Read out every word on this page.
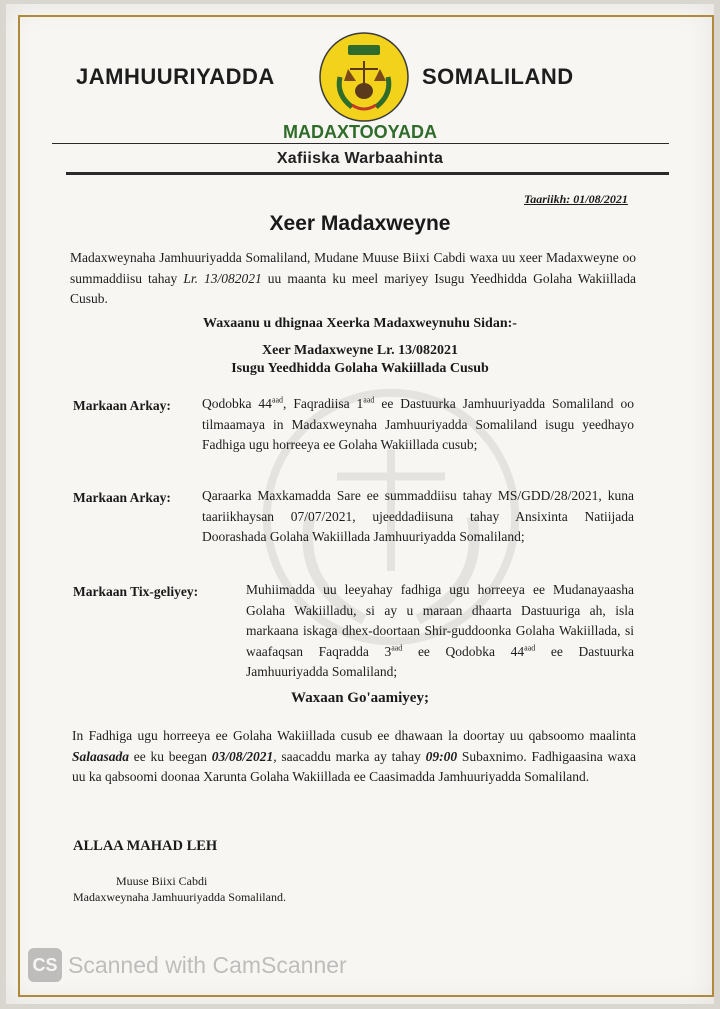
JAMHUURIYADDA	SOMALILAND
MADAXTOOYADA
Xafiiska Warbaahinta
Taariikh: 01/08/2021
Xeer Madaxweyne
Madaxweynaha Jamhuuriyadda Somaliland, Mudane Muuse Biixi Cabdi waxa uu xeer Madaxweyne oo summaddiisu tahay Lr. 13/082021 uu maanta ku meel mariyey Isugu Yeedhidda Golaha Wakiillada Cusub.
Waxaanu u dhignaa Xeerka Madaxweynuhu Sidan:-
Xeer Madaxweyne Lr. 13/082021
Isugu Yeedhidda Golaha Wakiillada Cusub
Markaan Arkay: Qodobka $44^{aad}$, Faqradiisa $1^{aad}$ ee Dastuurka Jamhuuriyadda Somaliland oo tilmaamaya in Madaxweynaha Jamhuuriyadda Somaliland isugu yeedhayo Fadhiga ugu horreeya ee Golaha Wakiillada cusub;
Markaan Arkay: Qaraarka Maxkamadda Sare ee summaddiisu tahay MS/GDD/28/2021, kuna taariikhaysan 07/07/2021, ujeeddadiisuna tahay Ansixinta Natiijada Doorashada Golaha Wakiillada Jamhuuriyadda Somaliland;
Markaan Tix-geliyey:	Muhiimadda uu leeyahay fadhiga ugu horreeya ee Mudanayaasha Golaha Wakiilladu, si ay u maraan dhaarta Dastuuriga ah, isla markaana iskaga dhex-doortaan Shir-guddoonka Golaha Wakiillada, si waafaqsan Faqradda $3^{aad}$ ee Qodobka $44^{aad}$ ee Dastuurka Jamhuuriyadda Somaliland;
Waxaan Go'aamiyey;
In Fadhiga ugu horreeya ee Golaha Wakiillada cusub ee dhawaan la doortay uu qabsoomo maalinta Salaasada ee ku beegan 03/08/2021, saacaddu marka ay tahay 09:00 Subaxnimo. Fadhigaasina waxa uu ka qabsoomi doonaa Xarunta Golaha Wakiillada ee Caasimadda Jamhuuriyadda Somaliland.
ALLAA MAHAD LEH
Muuse Biixi Cabdi
Madaxweynaha Jamhuuriyadda Somaliland.
CS Scanned with CamScanner
